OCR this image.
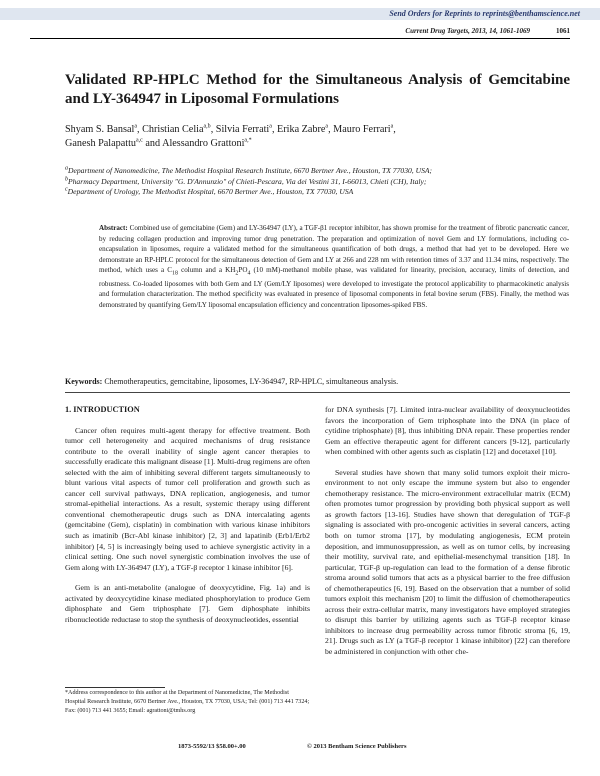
Send Orders for Reprints to reprints@benthamscience.net
Current Drug Targets, 2013, 14, 1061-1069	1061
Validated RP-HPLC Method for the Simultaneous Analysis of Gemcitabine and LY-364947 in Liposomal Formulations
Shyam S. Bansal$^a$, Christian Celia$^{a,b}$, Silvia Ferrati$^a$, Erika Zabre$^a$, Mauro Ferrari$^a$,
Ganesh Palapattu$^{a,c}$ and Alessandro Grattoni$^{a,*}$
$^a$Department of Nanomedicine, The Methodist Hospital Research Institute, 6670 Bertner Ave., Houston, TX 77030, USA;
$^b$Pharmacy Department, University "G. D'Annunzio" of Chieti-Pescara, Via dei Vestini 31, I-66013, Chieti (CH), Italy;
$^c$Department of Urology, The Methodist Hospital, 6670 Bertner Ave., Houston, TX 77030, USA
Abstract: Combined use of gemcitabine (Gem) and LY-364947 (LY), a TGF-β1 receptor inhibitor, has shown promise for the treatment of fibrotic pancreatic cancer, by reducing collagen production and improving tumor drug penetration. The preparation and optimization of novel Gem and LY formulations, including co-encapsulation in liposomes, require a validated method for the simultaneous quantification of both drugs, a method that had yet to be developed. Here we demonstrate an RP-HPLC protocol for the simultaneous detection of Gem and LY at 266 and 228 nm with retention times of 3.37 and 11.34 mins, respectively. The method, which uses a $C_{18}$ column and a $KH_2PO_4$ (10 mM)-methanol mobile phase, was validated for linearity, precision, accuracy, limits of detection, and robustness. Co-loaded liposomes with both Gem and LY (Gem/LY liposomes) were developed to investigate the protocol applicability to pharmacokinetic analysis and formulation characterization. The method specificity was evaluated in presence of liposomal components in fetal bovine serum (FBS). Finally, the method was demonstrated by quantifying Gem/LY liposomal encapsulation efficiency and concentration liposomes-spiked FBS.
Keywords: Chemotherapeutics, gemcitabine, liposomes, LY-364947, RP-HPLC, simultaneous analysis.

1. INTRODUCTION

Cancer often requires multi-agent therapy for effective treatment. Both tumor cell heterogeneity and acquired mechanisms of drug resistance contribute to the overall inability of single agent cancer therapies to successfully eradicate this malignant disease [1]. Multi-drug regimens are often selected with the aim of inhibiting several different targets simultaneously to blunt various vital aspects of tumor cell proliferation and growth such as cancer cell survival pathways, DNA replication, angiogenesis, and tumor stromal-epithelial interactions. As a result, systemic therapy using different conventional chemotherapeutic drugs such as DNA intercalating agents (gemcitabine (Gem), cisplatin) in combination with various kinase inhibitors such as imatinib (Bcr-Abl kinase inhibitor) [2, 3] and lapatinib (Erb1/Erb2 inhibitor) [4, 5] is increasingly being used to achieve synergistic activity in a clinical setting. One such novel synergistic combination involves the use of Gem along with LY-364947 (LY), a TGF-β receptor 1 kinase inhibitor [6].

Gem is an anti-metabolite (analogue of deoxycytidine, Fig. 1a) and is activated by deoxycytidine kinase mediated phosphorylation to produce Gem diphosphate and Gem triphosphate [7]. Gem diphosphate inhibits ribonucleotide reductase to stop the synthesis of deoxynucleotides, essential

for DNA synthesis [7]. Limited intra-nuclear availability of deoxynucleotides favors the incorporation of Gem triphosphate into the DNA (in place of cytidine triphosphate) [8], thus inhibiting DNA repair. These properties render Gem an effective therapeutic agent for different cancers [9-12], particularly when combined with other agents such as cisplatin [12] and docetaxel [10].

Several studies have shown that many solid tumors exploit their micro-environment to not only escape the immune system but also to engender chemotherapy resistance. The micro-environment extracellular matrix (ECM) often promotes tumor progression by providing both physical support as well as growth factors [13-16]. Studies have shown that deregulation of TGF-β signaling is associated with pro-oncogenic activities in several cancers, acting both on tumor stroma [17], by modulating angiogenesis, ECM protein deposition, and immunosuppression, as well as on tumor cells, by increasing their motility, survival rate, and epithelial-mesenchymal transition [18]. In particular, TGF-β up-regulation can lead to the formation of a dense fibrotic stroma around solid tumors that acts as a physical barrier to the free diffusion of chemotherapeutics [6, 19]. Based on the observation that a number of solid tumors exploit this mechanism [20] to limit the diffusion of chemotherapeutics across their extra-cellular matrix, many investigators have employed strategies to disrupt this barrier by utilizing agents such as TGF-β receptor kinase inhibitors to increase drug permeability across tumor fibrotic stroma [6, 19, 21]. Drugs such as LY (a TGF-β receptor 1 kinase inhibitor) [22] can therefore be administered in conjunction with other che-

*Address correspondence to this author at the Department of Nanomedicine, The Methodist Hospital Research Institute, 6670 Bertner Ave., Houston, TX 77030, USA; Tel: (001) 713 441 7324; Fax: (001) 713 441 3655; Email: agrattoni@tmhs.org
1873-5592/13 $58.00+.00	© 2013 Bentham Science Publishers
